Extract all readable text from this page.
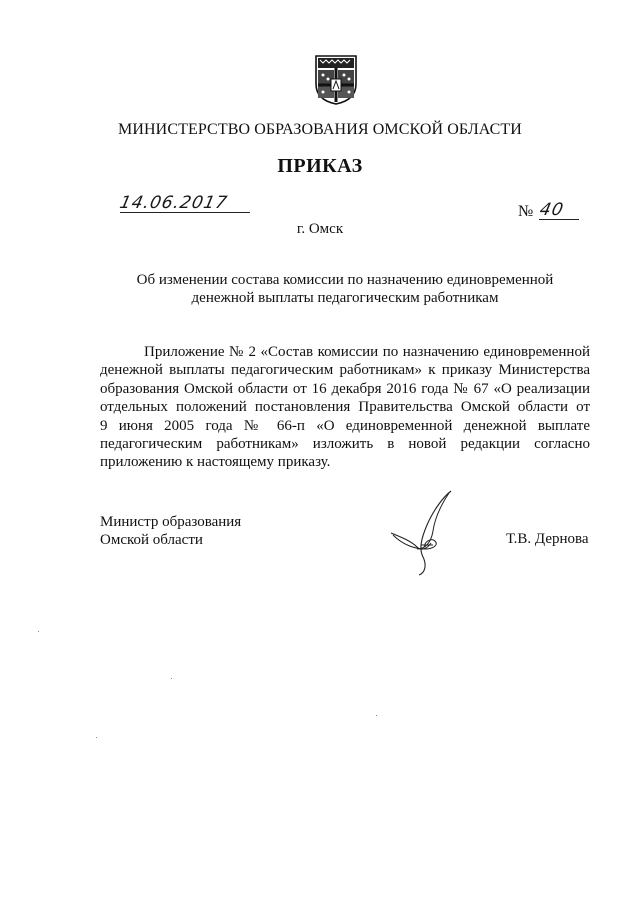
МИНИСТЕРСТВО ОБРАЗОВАНИЯ ОМСКОЙ ОБЛАСТИ
ПРИКАЗ
14.06.2017	№ 40
г. Омск
Об изменении состава комиссии по назначению единовременной
денежной выплаты педагогическим работникам
Приложение № 2 «Состав комиссии по назначению единовременной
денежной выплаты педагогическим работникам» к приказу Министерства
образования Омской области от 16 декабря 2016 года № 67 «О реализации
отдельных положений постановления Правительства Омской области от
9 июня 2005 года № 66-п «О единовременной денежной выплате
педагогическим работникам» изложить в новой редакции согласно
приложению к настоящему приказу.
Министр образования
Омской области	Т.В. Дернова
